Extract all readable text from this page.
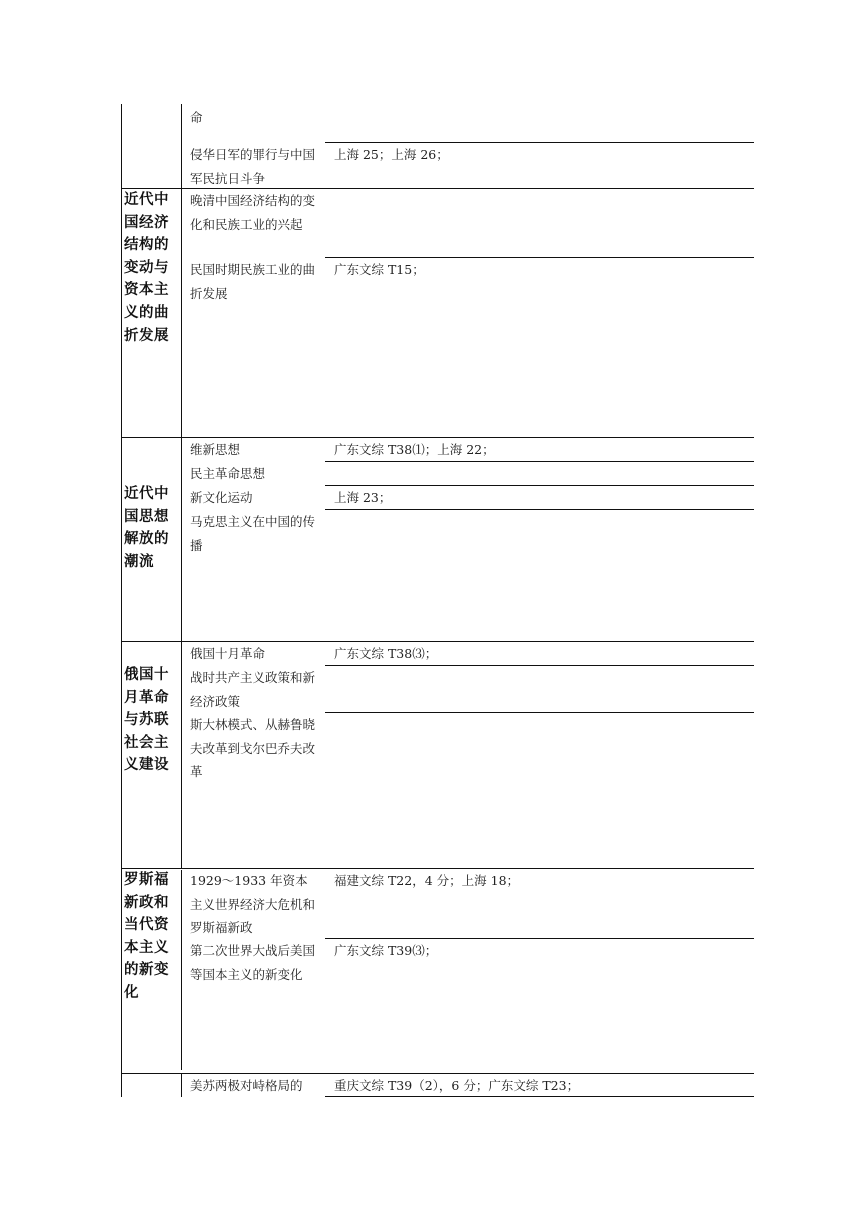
命
侵华日军的罪行与中国军民抗日斗争
上海 25；上海 26；
近代中国经济结构的变动与资本主义的曲折发展
晚清中国经济结构的变化和民族工业的兴起
民国时期民族工业的曲折发展
广东文综 T15；
近代中国思想解放的潮流
维新思想
民主革命思想
新文化运动
马克思主义在中国的传播
广东文综 T38⑴；上海 22；
上海 23；
俄国十月革命与苏联社会主义建设
俄国十月革命
战时共产主义政策和新经济政策
斯大林模式、从赫鲁晓夫改革到戈尔巴乔夫改革
广东文综 T38⑶；
罗斯福新政和当代资本主义的新变化
1929～1933 年资本主义世界经济大危机和罗斯福新政
第二次世界大战后美国等国本主义的新变化
福建文综 T22，4 分；上海 18；
广东文综 T39⑶；
美苏两极对峙格局的	重庆文综 T39（2），6 分；广东文综 T23；
